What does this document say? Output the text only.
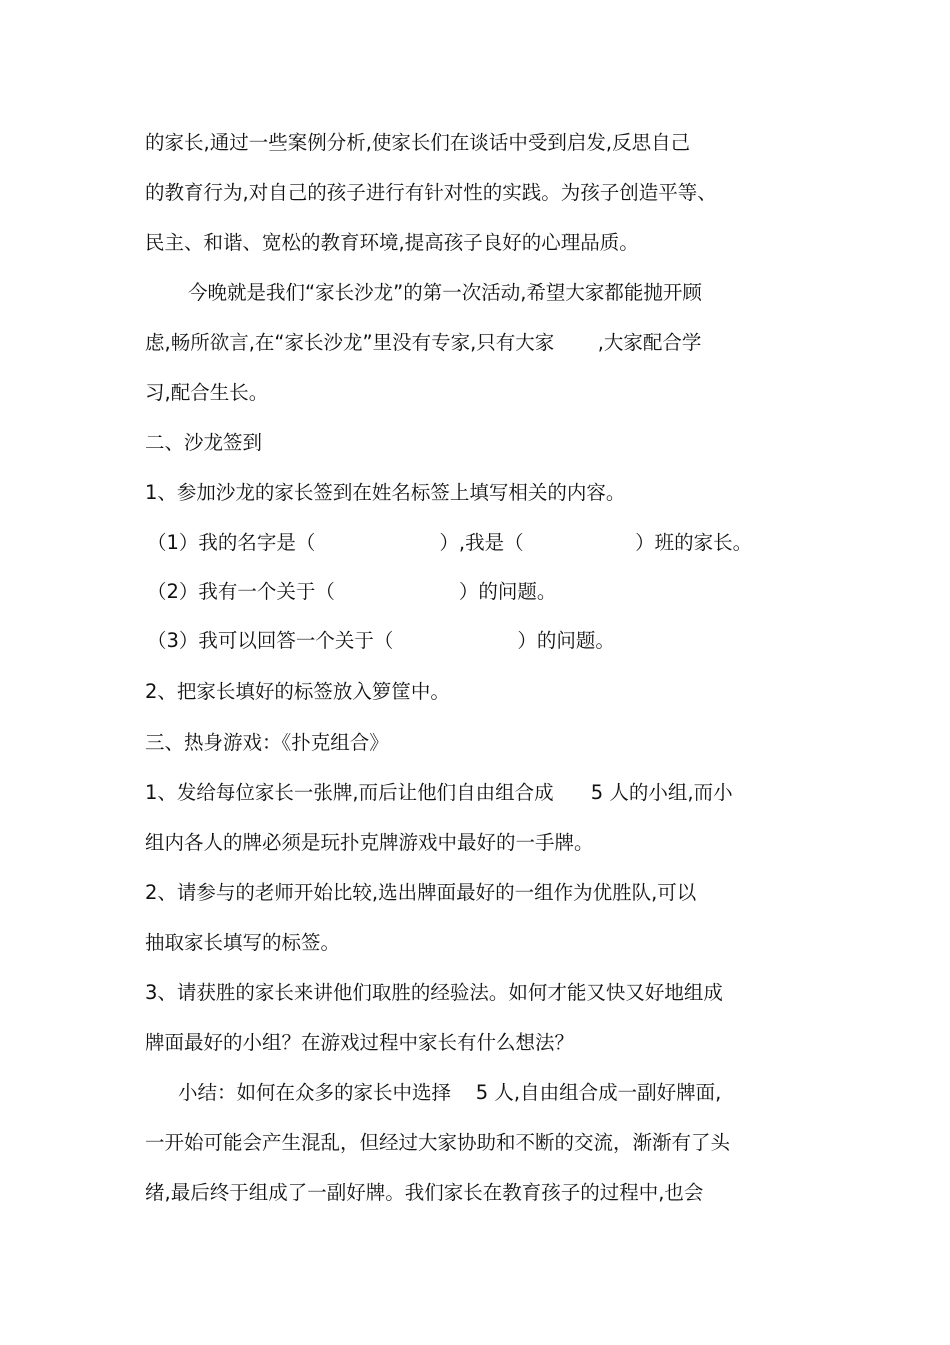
的家长,通过一些案例分析,使家长们在谈话中受到启发,反思自己
的教育行为,对自己的孩子进行有针对性的实践。为孩子创造平等、
民主、和谐、宽松的教育环境,提高孩子良好的心理品质。
今晚就是我们“家长沙龙”的第一次活动,希望大家都能抛开顾
虑,畅所欲言,在“家长沙龙”里没有专家,只有大家       ,大家配合学
习,配合生长。
二、沙龙签到
1、参加沙龙的家长签到在姓名标签上填写相关的内容。
（1）我的名字是（                    ）,我是（                  ）班的家长。
（2）我有一个关于（                    ）的问题。
（3）我可以回答一个关于（                    ）的问题。
2、把家长填好的标签放入箩筐中。
三、热身游戏：《扑克组合》
1、发给每位家长一张牌,而后让他们自由组合成      5 人的小组,而小
组内各人的牌必须是玩扑克牌游戏中最好的一手牌。
2、请参与的老师开始比较,选出牌面最好的一组作为优胜队,可以
抽取家长填写的标签。
3、请获胜的家长来讲他们取胜的经验法。如何才能又快又好地组成
牌面最好的小组？在游戏过程中家长有什么想法？
小结：如何在众多的家长中选择    5 人,自由组合成一副好牌面,
一开始可能会产生混乱，但经过大家协助和不断的交流，渐渐有了头
绪,最后终于组成了一副好牌。我们家长在教育孩子的过程中,也会
